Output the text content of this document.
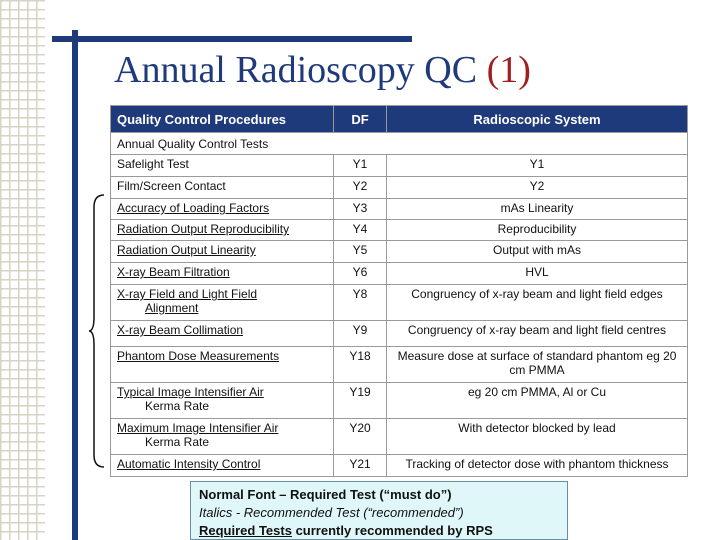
Annual Radioscopy QC (1)
Quality Control Procedures	DF	Radioscopic System
Annual Quality Control Tests		
Safelight Test	Y1	Y1
Film/Screen Contact	Y2	Y2
Accuracy of Loading Factors	Y3	mAs Linearity
Radiation Output Reproducibility	Y4	Reproducibility
Radiation Output Linearity	Y5	Output with mAs
X-ray Beam Filtration	Y6	HVL
X-ray Field and Light Field
Alignment	Y8	Congruency of x-ray beam and light field edges
X-ray Beam Collimation	Y9	Congruency of x-ray beam and light field centres
Phantom Dose Measurements	Y18	Measure dose at surface of standard phantom eg 20 cm PMMA
Typical Image Intensifier Air
Kerma Rate	Y19	eg 20 cm PMMA, Al or Cu
Maximum Image Intensifier Air
Kerma Rate	Y20	With detector blocked by lead
Automatic Intensity Control	Y21	Tracking of detector dose with phantom thickness
Normal Font – Required Test (“must do”)
Italics - Recommended Test (“recommended”)
Required Tests currently recommended by RPS
